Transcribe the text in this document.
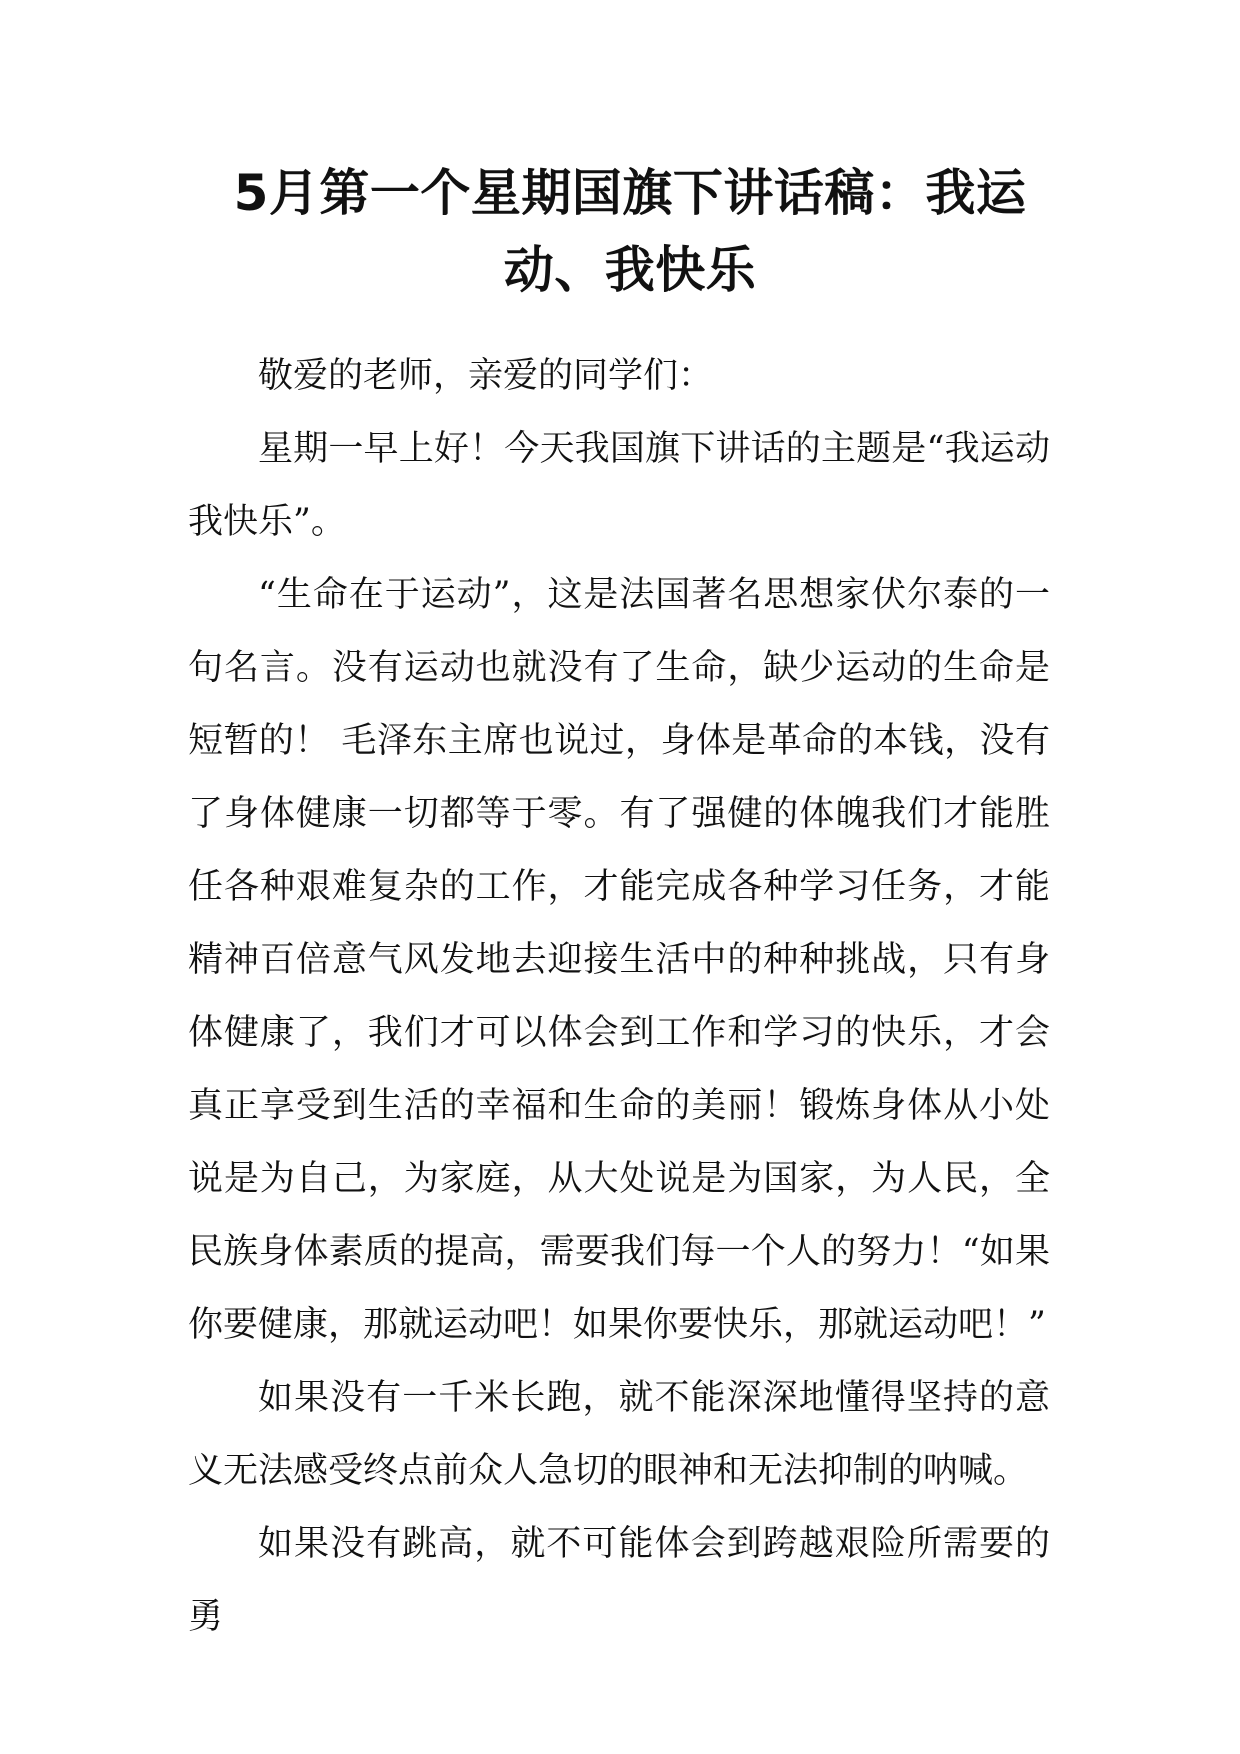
5月第一个星期国旗下讲话稿：我运动、我快乐

敬爱的老师，亲爱的同学们：

星期一早上好！今天我国旗下讲话的主题是“我运动我快乐”。

“生命在于运动”，这是法国著名思想家伏尔泰的一句名言。没有运动也就没有了生命，缺少运动的生命是短暂的！ 毛泽东主席也说过，身体是革命的本钱，没有了身体健康一切都等于零。有了强健的体魄我们才能胜任各种艰难复杂的工作，才能完成各种学习任务，才能精神百倍意气风发地去迎接生活中的种种挑战，只有身体健康了，我们才可以体会到工作和学习的快乐，才会真正享受到生活的幸福和生命的美丽！锻炼身体从小处说是为自己，为家庭，从大处说是为国家，为人民，全民族身体素质的提高，需要我们每一个人的努力！“如果你要健康，那就运动吧！如果你要快乐，那就运动吧！”

如果没有一千米长跑，就不能深深地懂得坚持的意义无法感受终点前众人急切的眼神和无法抑制的呐喊。

如果没有跳高，就不可能体会到跨越艰险所需要的勇
